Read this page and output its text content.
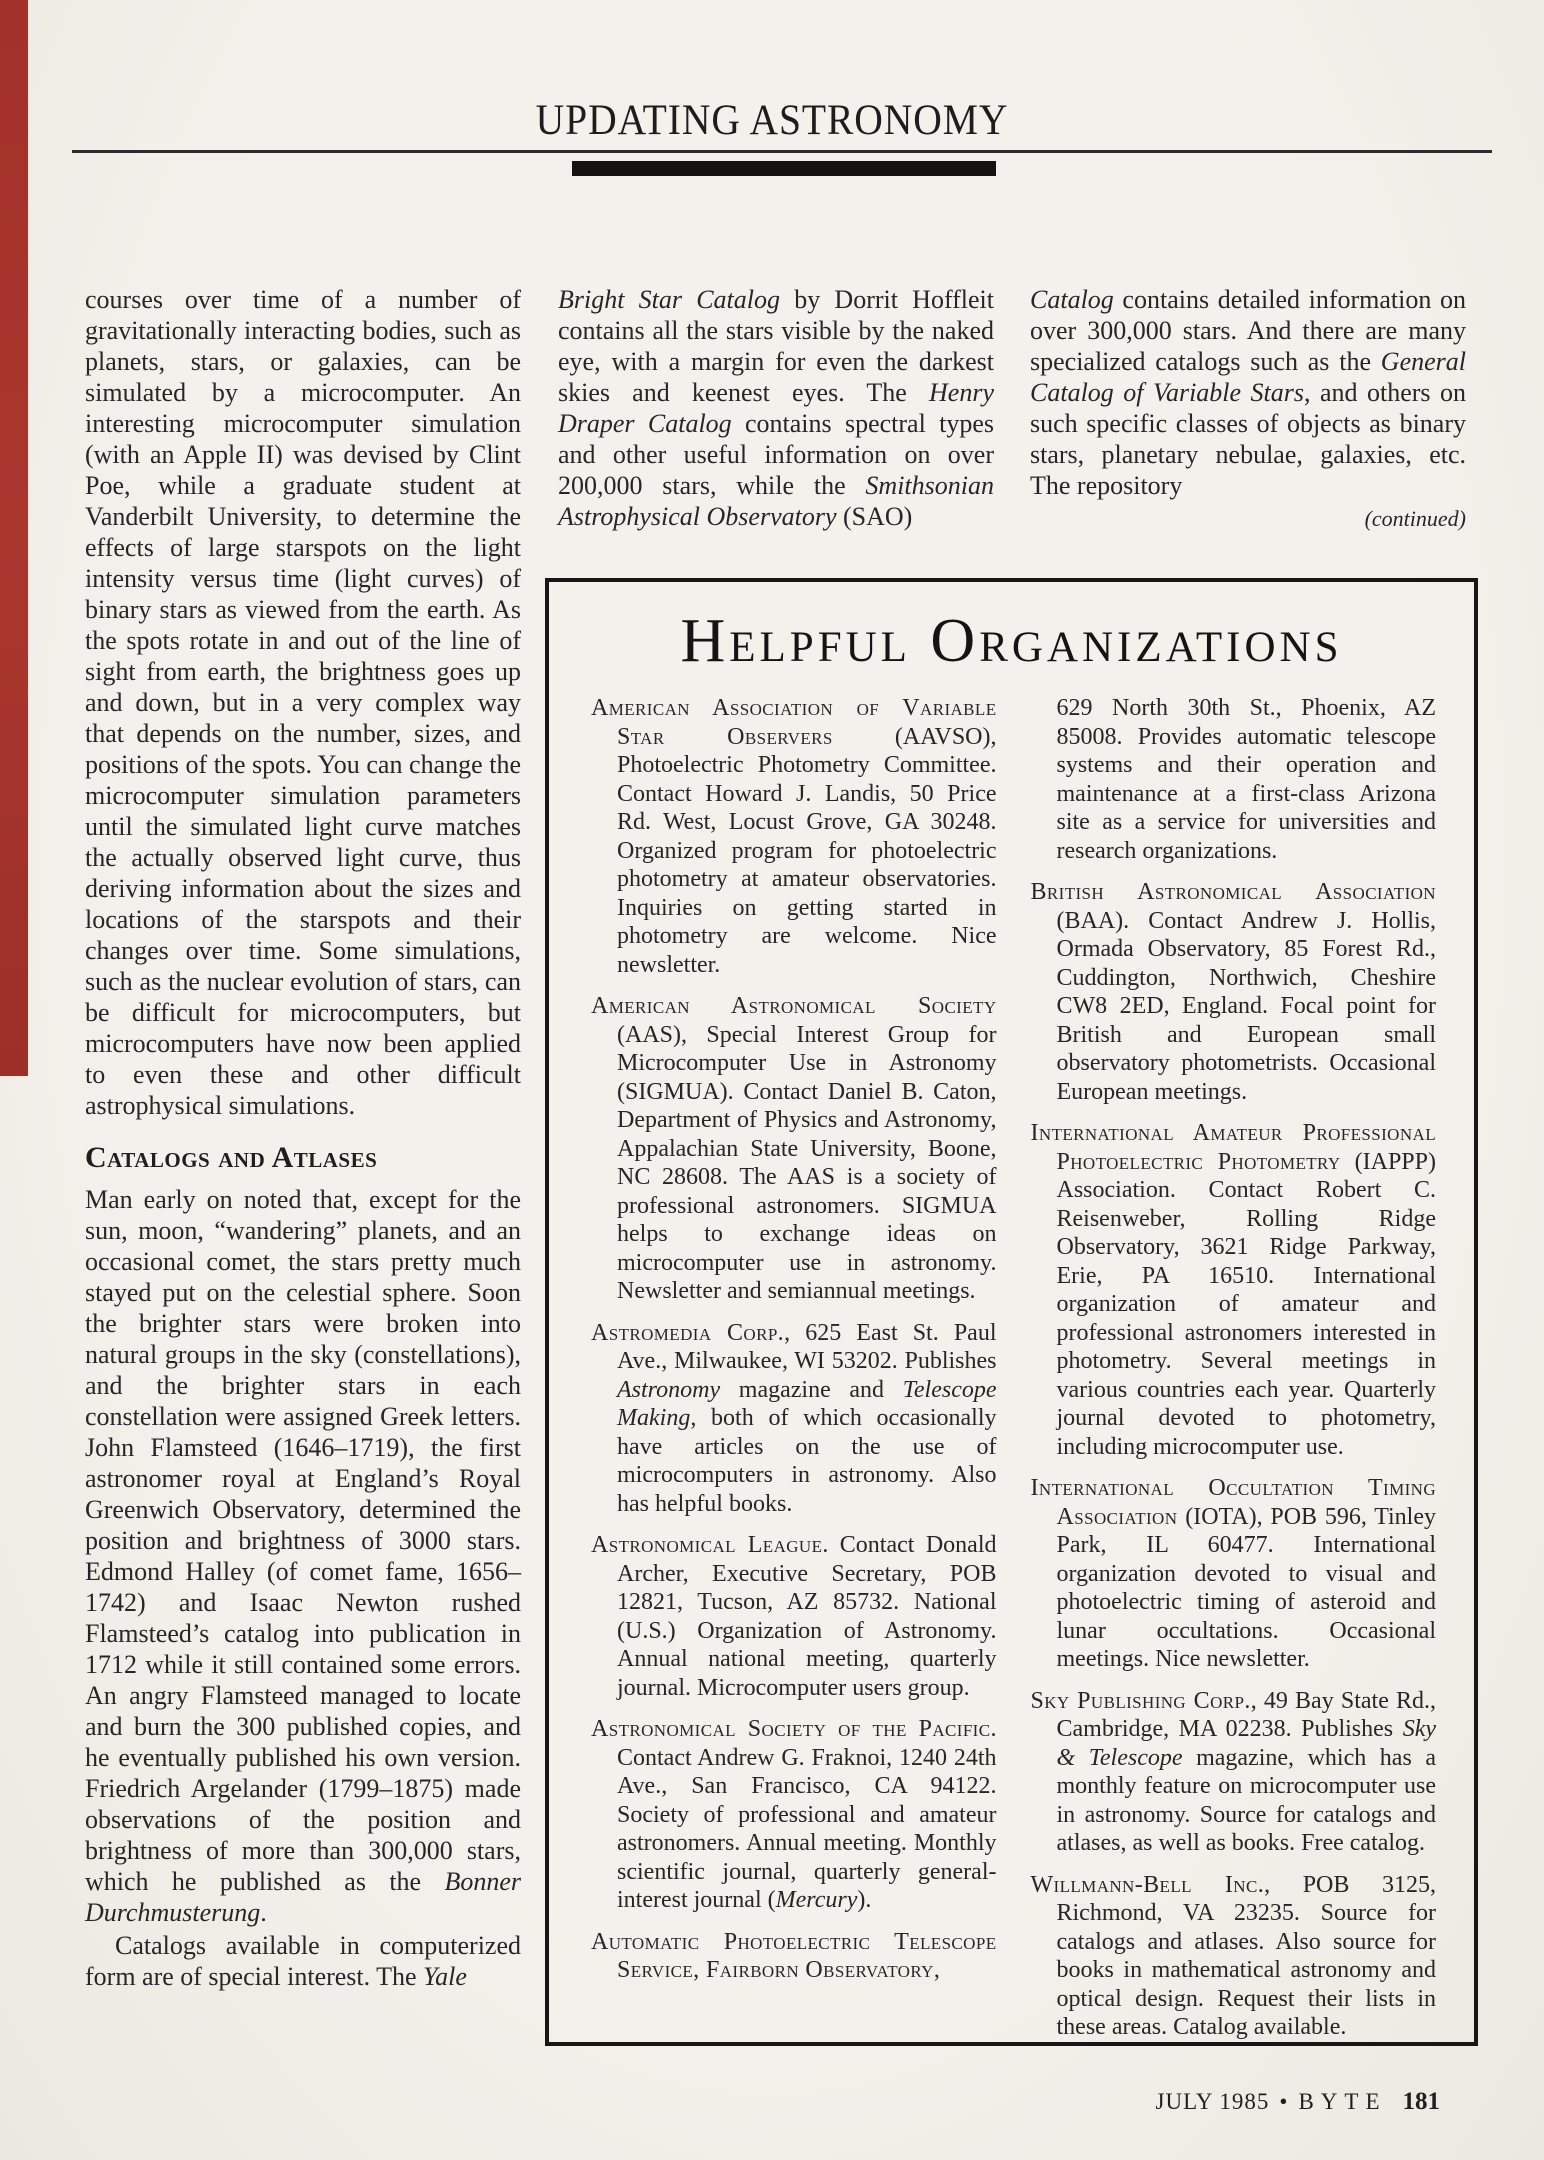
UPDATING ASTRONOMY

courses over time of a number of gravitationally interacting bodies, such as planets, stars, or galaxies, can be simulated by a microcomputer. An interesting microcomputer simulation (with an Apple II) was devised by Clint Poe, while a graduate student at Vanderbilt University, to determine the effects of large starspots on the light intensity versus time (light curves) of binary stars as viewed from the earth. As the spots rotate in and out of the line of sight from earth, the brightness goes up and down, but in a very complex way that depends on the number, sizes, and positions of the spots. You can change the microcomputer simulation parameters until the simulated light curve matches the actually observed light curve, thus deriving information about the sizes and locations of the starspots and their changes over time. Some simulations, such as the nuclear evolution of stars, can be difficult for microcomputers, but microcomputers have now been applied to even these and other difficult astrophysical simulations.

Catalogs and Atlases

Man early on noted that, except for the sun, moon, “wandering” planets, and an occasional comet, the stars pretty much stayed put on the celestial sphere. Soon the brighter stars were broken into natural groups in the sky (constellations), and the brighter stars in each constellation were assigned Greek letters. John Flamsteed (1646–1719), the first astronomer royal at England’s Royal Greenwich Observatory, determined the position and brightness of 3000 stars. Edmond Halley (of comet fame, 1656–1742) and Isaac Newton rushed Flamsteed’s catalog into publication in 1712 while it still contained some errors. An angry Flamsteed managed to locate and burn the 300 published copies, and he eventually published his own version. Friedrich Argelander (1799–1875) made observations of the position and brightness of more than 300,000 stars, which he published as the Bonner Durchmusterung.

Catalogs available in computerized form are of special interest. The Yale

Bright Star Catalog by Dorrit Hoffleit contains all the stars visible by the naked eye, with a margin for even the darkest skies and keenest eyes. The Henry Draper Catalog contains spectral types and other useful information on over 200,000 stars, while the Smithsonian Astrophysical Observatory (SAO)

Catalog contains detailed information on over 300,000 stars. And there are many specialized catalogs such as the General Catalog of Variable Stars, and others on such specific classes of objects as binary stars, planetary nebulae, galaxies, etc. The repository

(continued)

Helpful Organizations

American Association of Variable Star Observers (AAVSO), Photoelectric Photometry Committee. Contact Howard J. Landis, 50 Price Rd. West, Locust Grove, GA 30248. Organized program for photoelectric photometry at amateur observatories. Inquiries on getting started in photometry are welcome. Nice newsletter.

American Astronomical Society (AAS), Special Interest Group for Microcomputer Use in Astronomy (SIGMUA). Contact Daniel B. Caton, Department of Physics and Astronomy, Appalachian State University, Boone, NC 28608. The AAS is a society of professional astronomers. SIGMUA helps to exchange ideas on microcomputer use in astronomy. Newsletter and semiannual meetings.

Astromedia Corp., 625 East St. Paul Ave., Milwaukee, WI 53202. Publishes Astronomy magazine and Telescope Making, both of which occasionally have articles on the use of microcomputers in astronomy. Also has helpful books.

Astronomical League. Contact Donald Archer, Executive Secretary, POB 12821, Tucson, AZ 85732. National (U.S.) Organization of Astronomy. Annual national meeting, quarterly journal. Microcomputer users group.

Astronomical Society of the Pacific. Contact Andrew G. Fraknoi, 1240 24th Ave., San Francisco, CA 94122. Society of professional and amateur astronomers. Annual meeting. Monthly scientific journal, quarterly general-interest journal (Mercury).

Automatic Photoelectric Telescope Service, Fairborn Observatory,

629 North 30th St., Phoenix, AZ 85008. Provides automatic telescope systems and their operation and maintenance at a first-class Arizona site as a service for universities and research organizations.

British Astronomical Association (BAA). Contact Andrew J. Hollis, Ormada Observatory, 85 Forest Rd., Cuddington, Northwich, Cheshire CW8 2ED, England. Focal point for British and European small observatory photometrists. Occasional European meetings.

International Amateur Professional Photoelectric Photometry (IAPPP) Association. Contact Robert C. Reisenweber, Rolling Ridge Observatory, 3621 Ridge Parkway, Erie, PA 16510. International organization of amateur and professional astronomers interested in photometry. Several meetings in various countries each year. Quarterly journal devoted to photometry, including microcomputer use.

International Occultation Timing Association (IOTA), POB 596, Tinley Park, IL 60477. International organization devoted to visual and photoelectric timing of asteroid and lunar occultations. Occasional meetings. Nice newsletter.

Sky Publishing Corp., 49 Bay State Rd., Cambridge, MA 02238. Publishes Sky & Telescope magazine, which has a monthly feature on microcomputer use in astronomy. Source for catalogs and atlases, as well as books. Free catalog.

Willmann-Bell Inc., POB 3125, Richmond, VA 23235. Source for catalogs and atlases. Also source for books in mathematical astronomy and optical design. Request their lists in these areas. Catalog available.

JULY 1985 • BYTE 181
